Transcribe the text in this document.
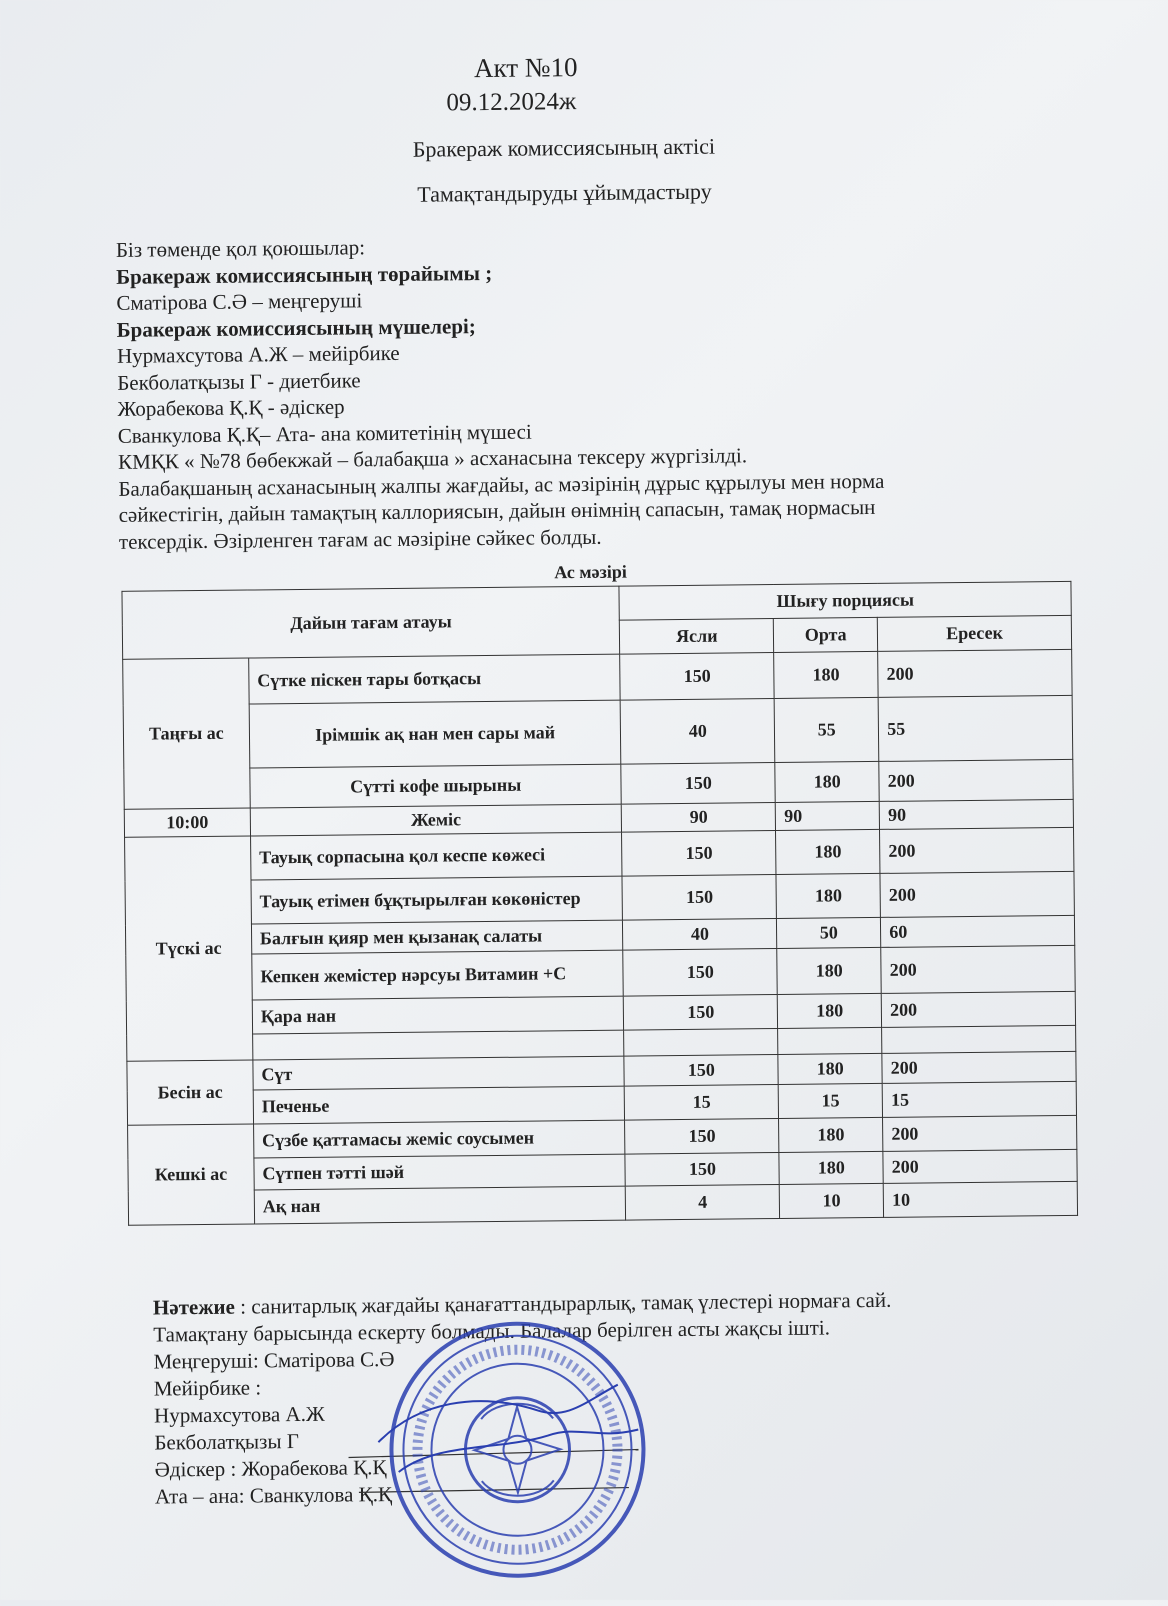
Акт №10
09.12.2024ж
Бракераж комиссиясының актісі
Тамақтандыруды ұйымдастыру
Біз төменде қол қоюшылар:
Бракераж комиссиясының төрайымы ;
Сматірова С.Ә – меңгеруші
Бракераж комиссиясының мүшелері;
Нурмахсутова А.Ж – мейірбике
Бекболатқызы Г - диетбике
Жорабекова Қ.Қ - әдіскер
Сванкулова Қ.Қ– Ата- ана комитетінің мүшесі
КМҚК « №78 бөбекжай – балабақша » асханасына тексеру жүргізілді.
Балабақшаның асханасының жалпы жағдайы, ас мәзірінің дұрыс құрылуы мен норма
сәйкестігін, дайын тамақтың каллориясын, дайын өнімнің сапасын, тамақ нормасын
тексердік. Әзірленген тағам ас мәзіріне сәйкес болды.
Ас мәзірі
Дайын тағам атауы		Шығу порциясы		
		Ясли	Орта	Ересек
Таңғы ас	Сүтке піскен тары ботқасы	150	180	200
	Ірімшік ақ нан мен сары май	40	55	55
	Сүтті кофе шырыны	150	180	200
10:00	Жеміс	90	90	90
Түскі ас	Тауық сорпасына қол кеспе көжесі	150	180	200
	Тауық етімен бұқтырылған көкөністер	150	180	200
	Балғын қияр мен қызанақ салаты	40	50	60
	Кепкен жемістер нәрсуы Витамин +С	150	180	200
	Қара нан	150	180	200

Бесін ас	Сүт	150	180	200
	Печенье	15	15	15
Кешкі ас	Сүзбе қаттамасы жеміс соусымен	150	180	200
	Сүтпен тәтті шәй	150	180	200
	Ақ нан	4	10	10
Нәтежие : санитарлық жағдайы қанағаттандырарлық, тамақ үлестері нормаға сай.
Тамақтану барысында ескерту болмады. Балалар берілген асты жақсы ішті.
Меңгеруші: Сматірова С.Ә
Мейірбике :
Нурмахсутова А.Ж
Бекболатқызы Г
Әдіскер : Жорабекова Қ.Қ
Ата – ана: Сванкулова Қ.Қ
